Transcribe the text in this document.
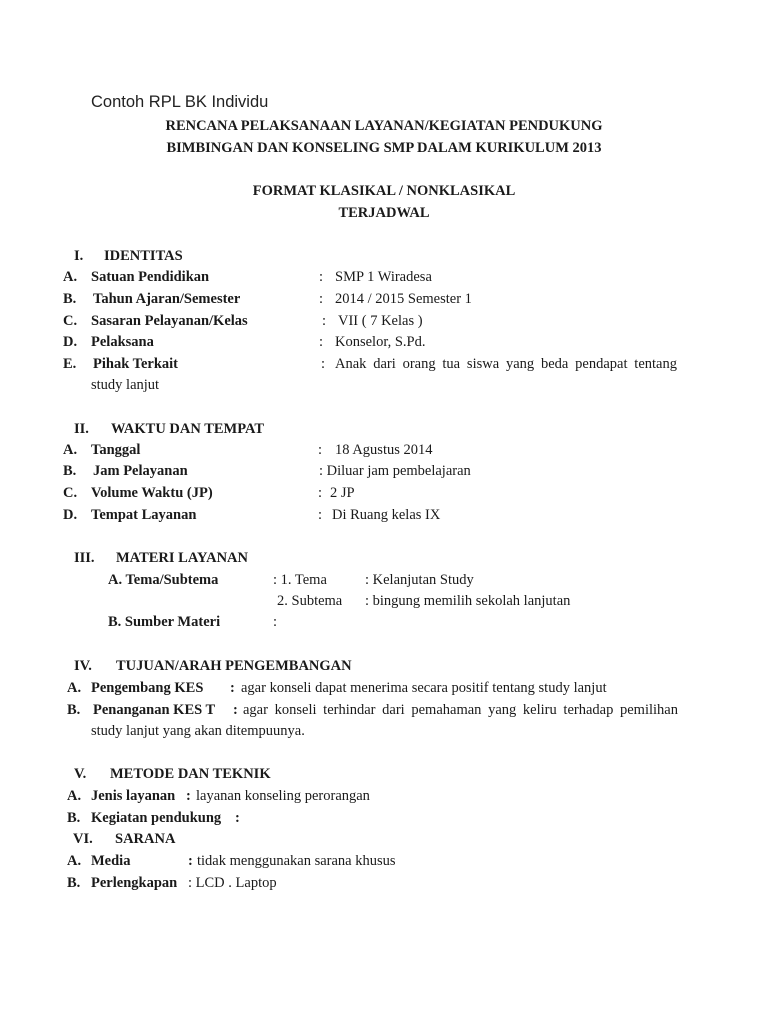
Contoh RPL BK Individu
RENCANA PELAKSANAAN LAYANAN/KEGIATAN PENDUKUNG
BIMBINGAN DAN KONSELING SMP DALAM KURIKULUM 2013
FORMAT KLASIKAL / NONKLASIKAL
TERJADWAL
I. IDENTITAS
A. Satuan Pendidikan	: SMP 1 Wiradesa
B. Tahun Ajaran/Semester	: 2014 / 2015 Semester 1
C. Sasaran Pelayanan/Kelas	: VII ( 7 Kelas )
D. Pelaksana	: Konselor, S.Pd.
E. Pihak Terkait	: Anak dari orang tua siswa yang beda pendapat tentang
study lanjut
II. WAKTU DAN TEMPAT
A. Tanggal	: 18 Agustus 2014
B. Jam Pelayanan	: Diluar jam pembelajaran
C. Volume Waktu (JP)	: 2 JP
D. Tempat Layanan	: Di Ruang kelas IX
III. MATERI LAYANAN
A. Tema/Subtema	: 1. Tema	: Kelanjutan Study
2. Subtema : bingung memilih sekolah lanjutan
B. Sumber Materi	:
IV. TUJUAN/ARAH PENGEMBANGAN
A. Pengembang KES : agar konseli dapat menerima secara positif tentang study lanjut
B. Penanganan KES T : agar konseli terhindar dari pemahaman yang keliru terhadap pemilihan
study lanjut yang akan ditempuunya.
V. METODE DAN TEKNIK
A. Jenis layanan : layanan konseling perorangan
B. Kegiatan pendukung :
VI. SARANA
A. Media	: tidak menggunakan sarana khusus
B. Perlengkapan : LCD . Laptop
